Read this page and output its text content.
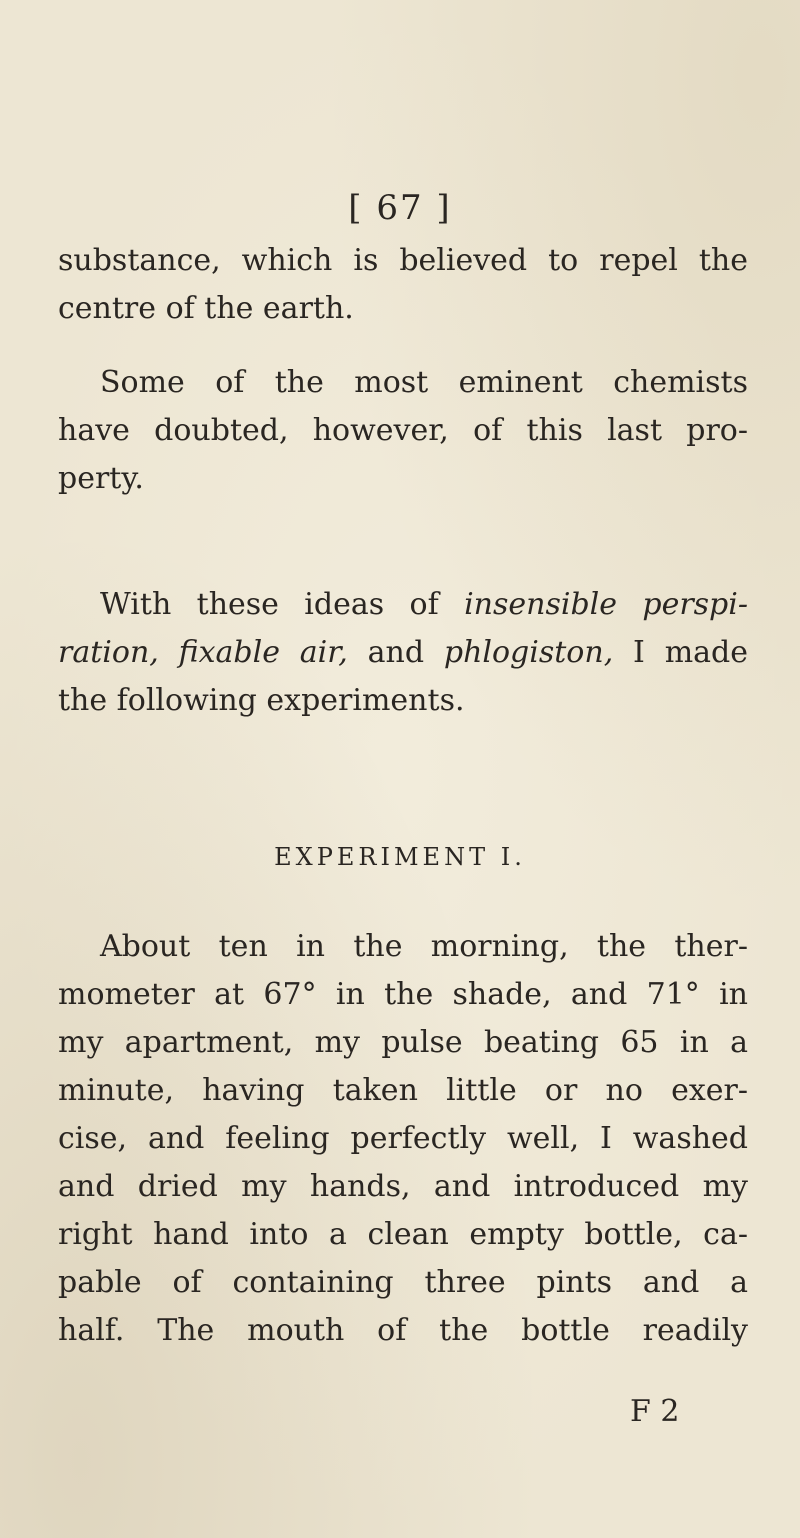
[ 67 ]
substance, which is believed to repel the
centre of the earth.
Some of the most eminent chemists
have doubted, however, of this last pro-
perty.
With these ideas of insensible perspi-
ration, fixable air, and phlogiston, I made
the following experiments.
EXPERIMENT I.
About ten in the morning, the ther-
mometer at 67° in the shade, and 71° in
my apartment, my pulse beating 65 in a
minute, having taken little or no exer-
cise, and feeling perfectly well, I washed
and dried my hands, and introduced my
right hand into a clean empty bottle, ca-
pable of containing three pints and a
half. The mouth of the bottle readily
F 2
